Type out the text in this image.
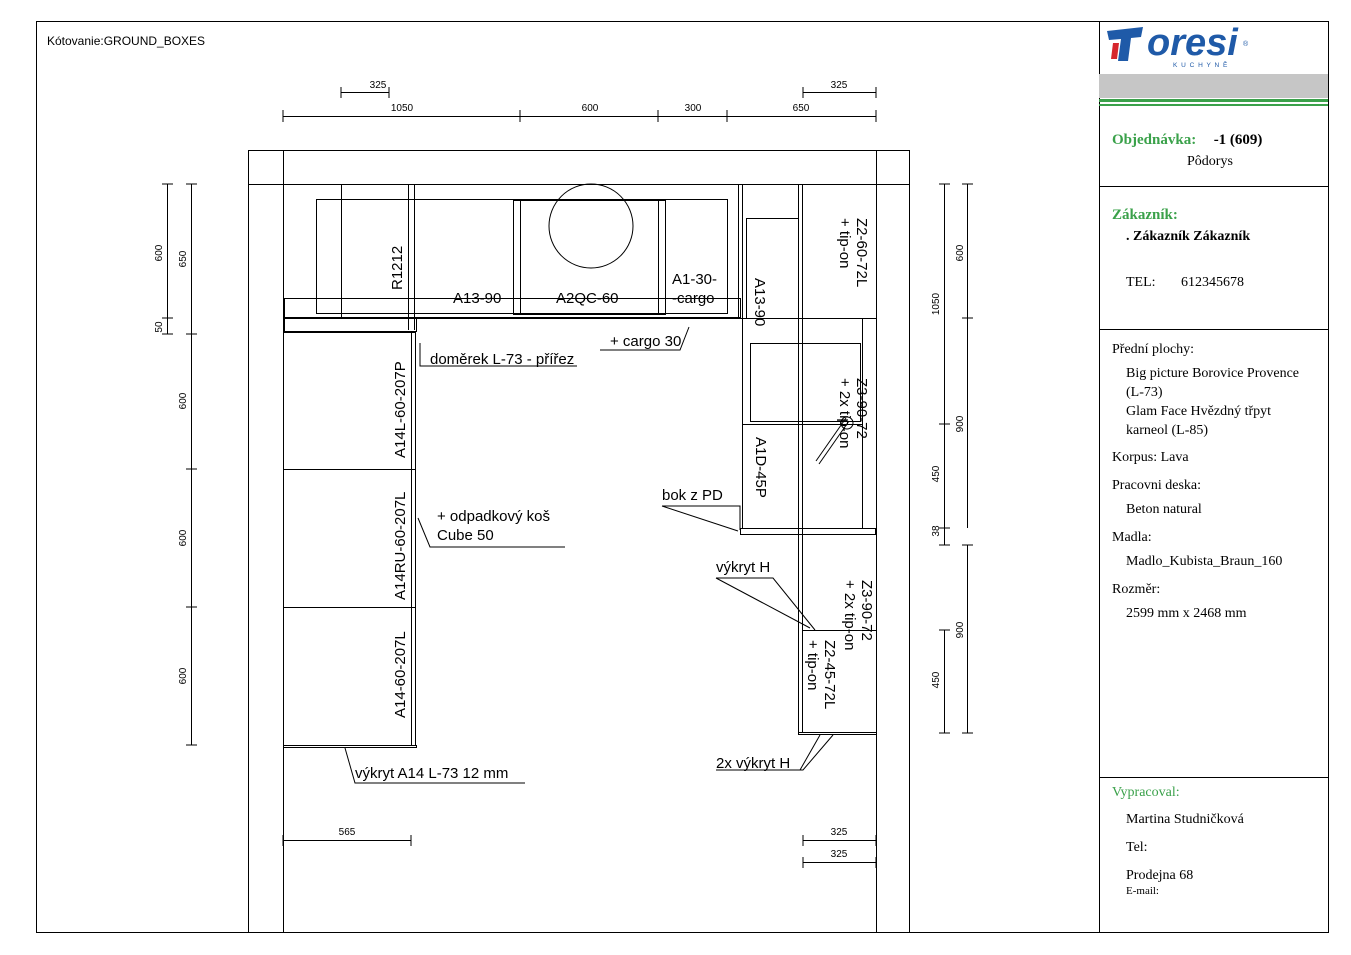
Kótovanie:GROUND_BOXES
R1212
A13-90	A2QC-60
A1-30-
-cargo
A14L-60-207P
A14RU-60-207L
A14-60-207L
A13-90
A1D-45P
Z2-60-72L
+ tip-on
Z3-90-72
+ 2x tip-on
Z3-90-72
+ 2x tip-on
Z2-45-72L
+ tip-on
doměrek L-73 - přířez
+ cargo 30
+ odpadkový koš
Cube 50
bok z PD
výkryt H
2x výkryt H
výkryt A14 L-73 12 mm
325	325
1050	600	300	650
600 650
50
600
600
600
600
1050
900
450
38
900
450
565	325
325
oresi ®
K U C H Y N Ě
Objednávka: -1 (609)
Pôdorys
Zákazník:
. Zákazník Zákazník
TEL: 612345678
Přední plochy:
Big picture Borovice Provence
(L-73)
Glam Face Hvězdný třpyt
karneol (L-85)
Korpus: Lava
Pracovni deska:
Beton natural
Madla:
Madlo_Kubista_Braun_160
Rozměr:
2599 mm x 2468 mm
Vypracoval:
Martina Studničková
Tel:
Prodejna 68
E-mail:
